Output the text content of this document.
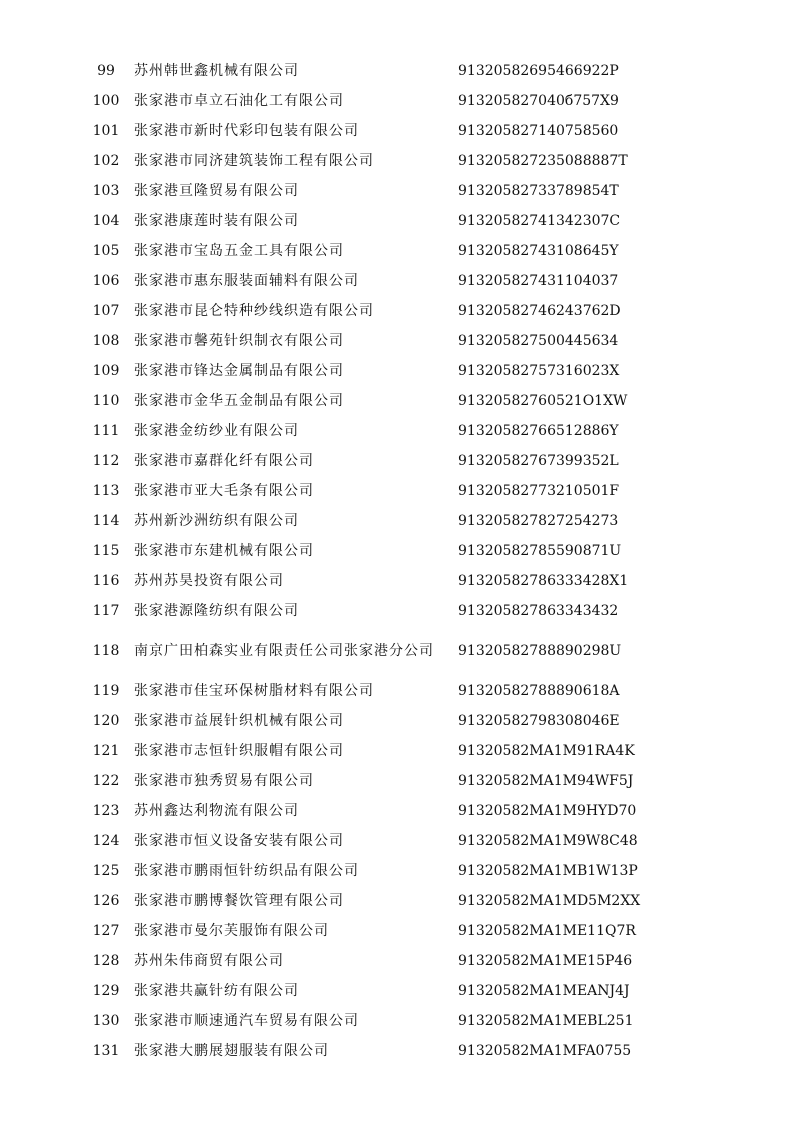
99	苏州韩世鑫机械有限公司	91320582695466922P
100	张家港市卓立石油化工有限公司	913205827040б757X9
101	张家港市新时代彩印包装有限公司	913205827140758560
102	张家港市同济建筑装饰工程有限公司	913205827235088887T
103	张家港亘隆贸易有限公司	91320582733789854T
104	张家港康莲时装有限公司	91320582741342307C
105	张家港市宝岛五金工具有限公司	91320582743108645Y
106	张家港市惠东服装面辅料有限公司	913205827431104037
107	张家港市昆仑特种纱线织造有限公司	91320582746243762D
108	张家港市馨苑针织制衣有限公司	913205827500445634
109	张家港市锋达金属制品有限公司	91320582757316023X
110	张家港市金华五金制品有限公司	91320582760521O1XW
111	张家港金纺纱业有限公司	91320582766512886Y
112	张家港市嘉群化纤有限公司	91320582767399352L
113	张家港市亚大毛条有限公司	91320582773210501F
114	苏州新沙洲纺织有限公司	913205827827254273
115	张家港市东建机械有限公司	91320582785590871U
116	苏州苏昊投资有限公司	91320582786333428X1
117	张家港源隆纺织有限公司	913205827863343432
118	南京广田柏森实业有限责任公司张家港分公司	91320582788890298U
119	张家港市佳宝环保树脂材料有限公司	91320582788890618A
120	张家港市益展针织机械有限公司	91320582798308046E
121	张家港市志恒针织服帽有限公司	91320582MA1M91RA4K
122	张家港市独秀贸易有限公司	91320582MA1M94WF5J
123	苏州鑫达利物流有限公司	91320582MA1M9HYD70
124	张家港市恒义设备安装有限公司	91320582MA1M9W8C48
125	张家港市鹏雨恒针纺织品有限公司	91320582MA1MB1W13P
126	张家港市鹏博餐饮管理有限公司	91320582MA1MD5M2XX
127	张家港市曼尔芙服饰有限公司	91320582MA1ME11Q7R
128	苏州朱伟商贸有限公司	91320582MA1ME15P46
129	张家港共赢针纺有限公司	91320582MA1MEANJ4J
130	张家港市顺速通汽车贸易有限公司	91320582MA1MEBL251
131	张家港大鹏展翅服装有限公司	91320582MA1MFA0755
